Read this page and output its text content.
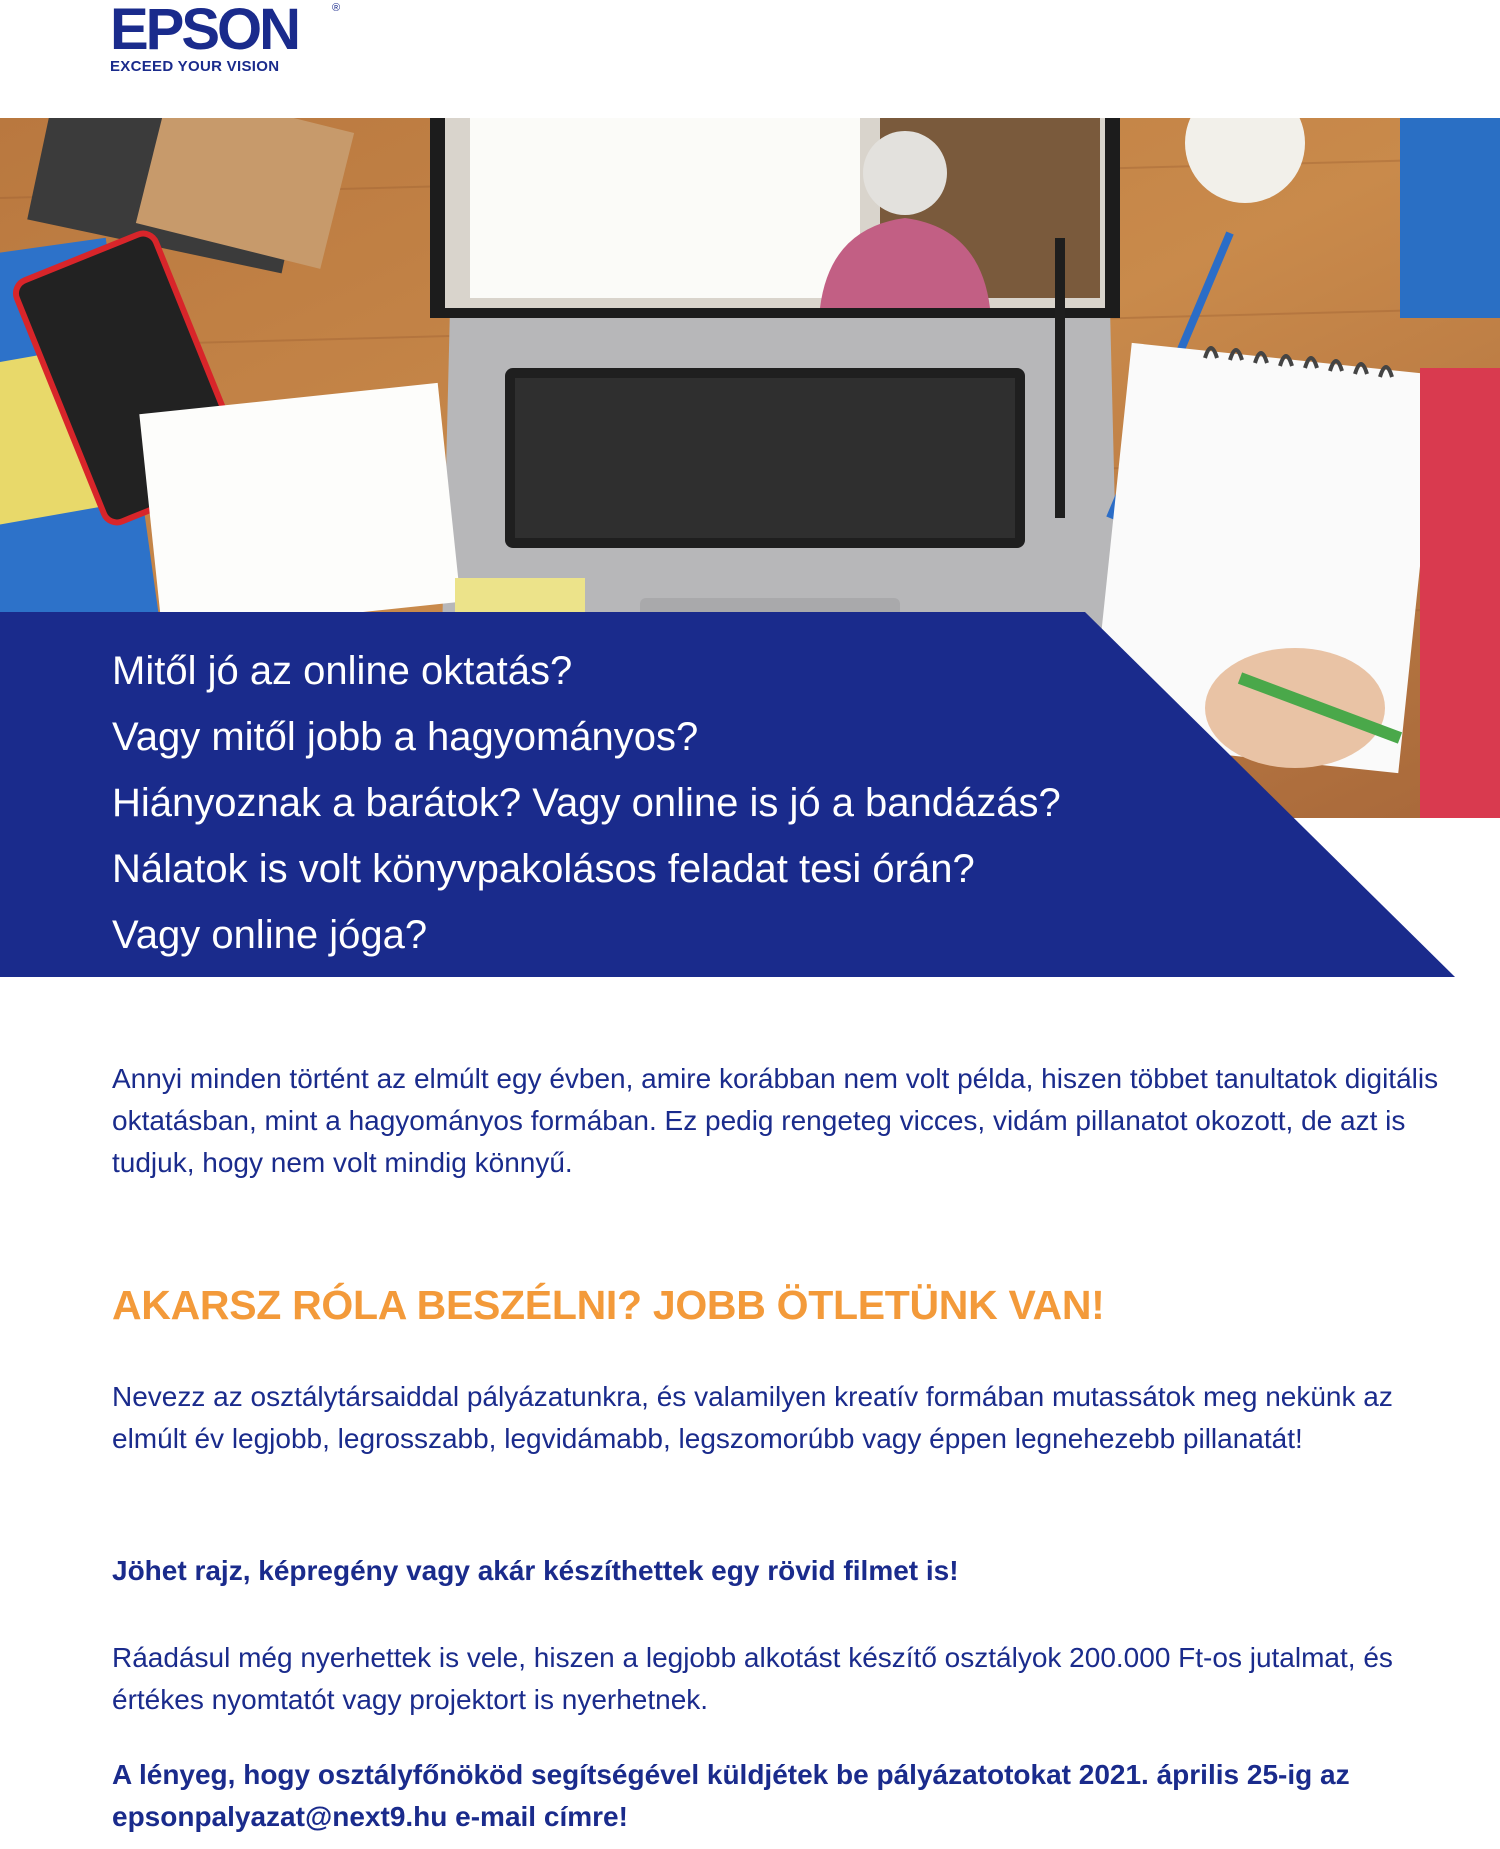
EPSON	®
EXCEED YOUR VISION
Mitől jó az online oktatás?
Vagy mitől jobb a hagyományos?
Hiányoznak a barátok? Vagy online is jó a bandázás?
Nálatok is volt könyvpakolásos feladat tesi órán?
Vagy online jóga?

Annyi minden történt az elmúlt egy évben, amire korábban nem volt példa, hiszen többet tanultatok digitális oktatásban, mint a hagyományos formában. Ez pedig rengeteg vicces, vidám pillanatot okozott, de azt is tudjuk, hogy nem volt mindig könnyű.

AKARSZ RÓLA BESZÉLNI? JOBB ÖTLETÜNK VAN!

Nevezz az osztálytársaiddal pályázatunkra, és valamilyen kreatív formában mutassátok meg nekünk az elmúlt év legjobb, legrosszabb, legvidámabb, legszomorúbb vagy éppen legnehezebb pillanatát!

Jöhet rajz, képregény vagy akár készíthettek egy rövid filmet is!

Ráadásul még nyerhettek is vele, hiszen a legjobb alkotást készítő osztályok 200.000 Ft-os jutalmat, és értékes nyomtatót vagy projektort is nyerhetnek.

A lényeg, hogy osztályfőnököd segítségével küldjétek be pályázatotokat 2021. április 25-ig az epsonpalyazat@next9.hu e-mail címre!
